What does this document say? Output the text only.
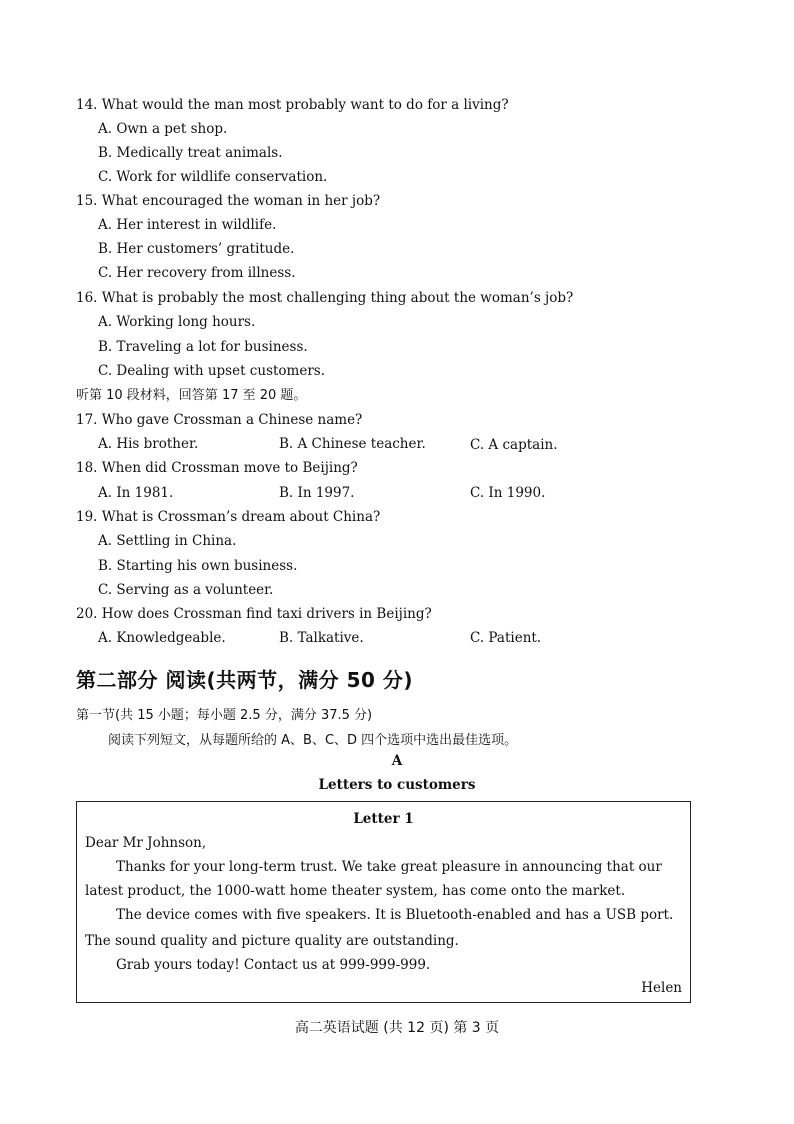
14. What would the man most probably want to do for a living?
A. Own a pet shop.
B. Medically treat animals.
C. Work for wildlife conservation.
15. What encouraged the woman in her job?
A. Her interest in wildlife.
B. Her customers’ gratitude.
C. Her recovery from illness.
16. What is probably the most challenging thing about the woman’s job?
A. Working long hours.
B. Traveling a lot for business.
C. Dealing with upset customers.
听第 10 段材料，回答第 17 至 20 题。
17. Who gave Crossman a Chinese name?
A. His brother.	B. A Chinese teacher.	C. A captain.
18. When did Crossman move to Beijing?
A. In 1981.	B. In 1997.	C. In 1990.
19. What is Crossman’s dream about China?
A. Settling in China.
B. Starting his own business.
C. Serving as a volunteer.
20. How does Crossman find taxi drivers in Beijing?
A. Knowledgeable.	B. Talkative.	C. Patient.
第二部分 阅读(共两节，满分 50 分)
第一节(共 15 小题；每小题 2.5 分，满分 37.5 分)
阅读下列短文，从每题所给的 A、B、C、D 四个选项中选出最佳选项。
A
Letters to customers
Letter 1
Dear Mr Johnson,
Thanks for your long-term trust. We take great pleasure in announcing that our
latest product, the 1000-watt home theater system, has come onto the market.
The device comes with five speakers. It is Bluetooth-enabled and has a USB port.
The sound quality and picture quality are outstanding.
Grab yours today! Contact us at 999-999-999.
Helen
高二英语试题 (共 12 页) 第 3 页
